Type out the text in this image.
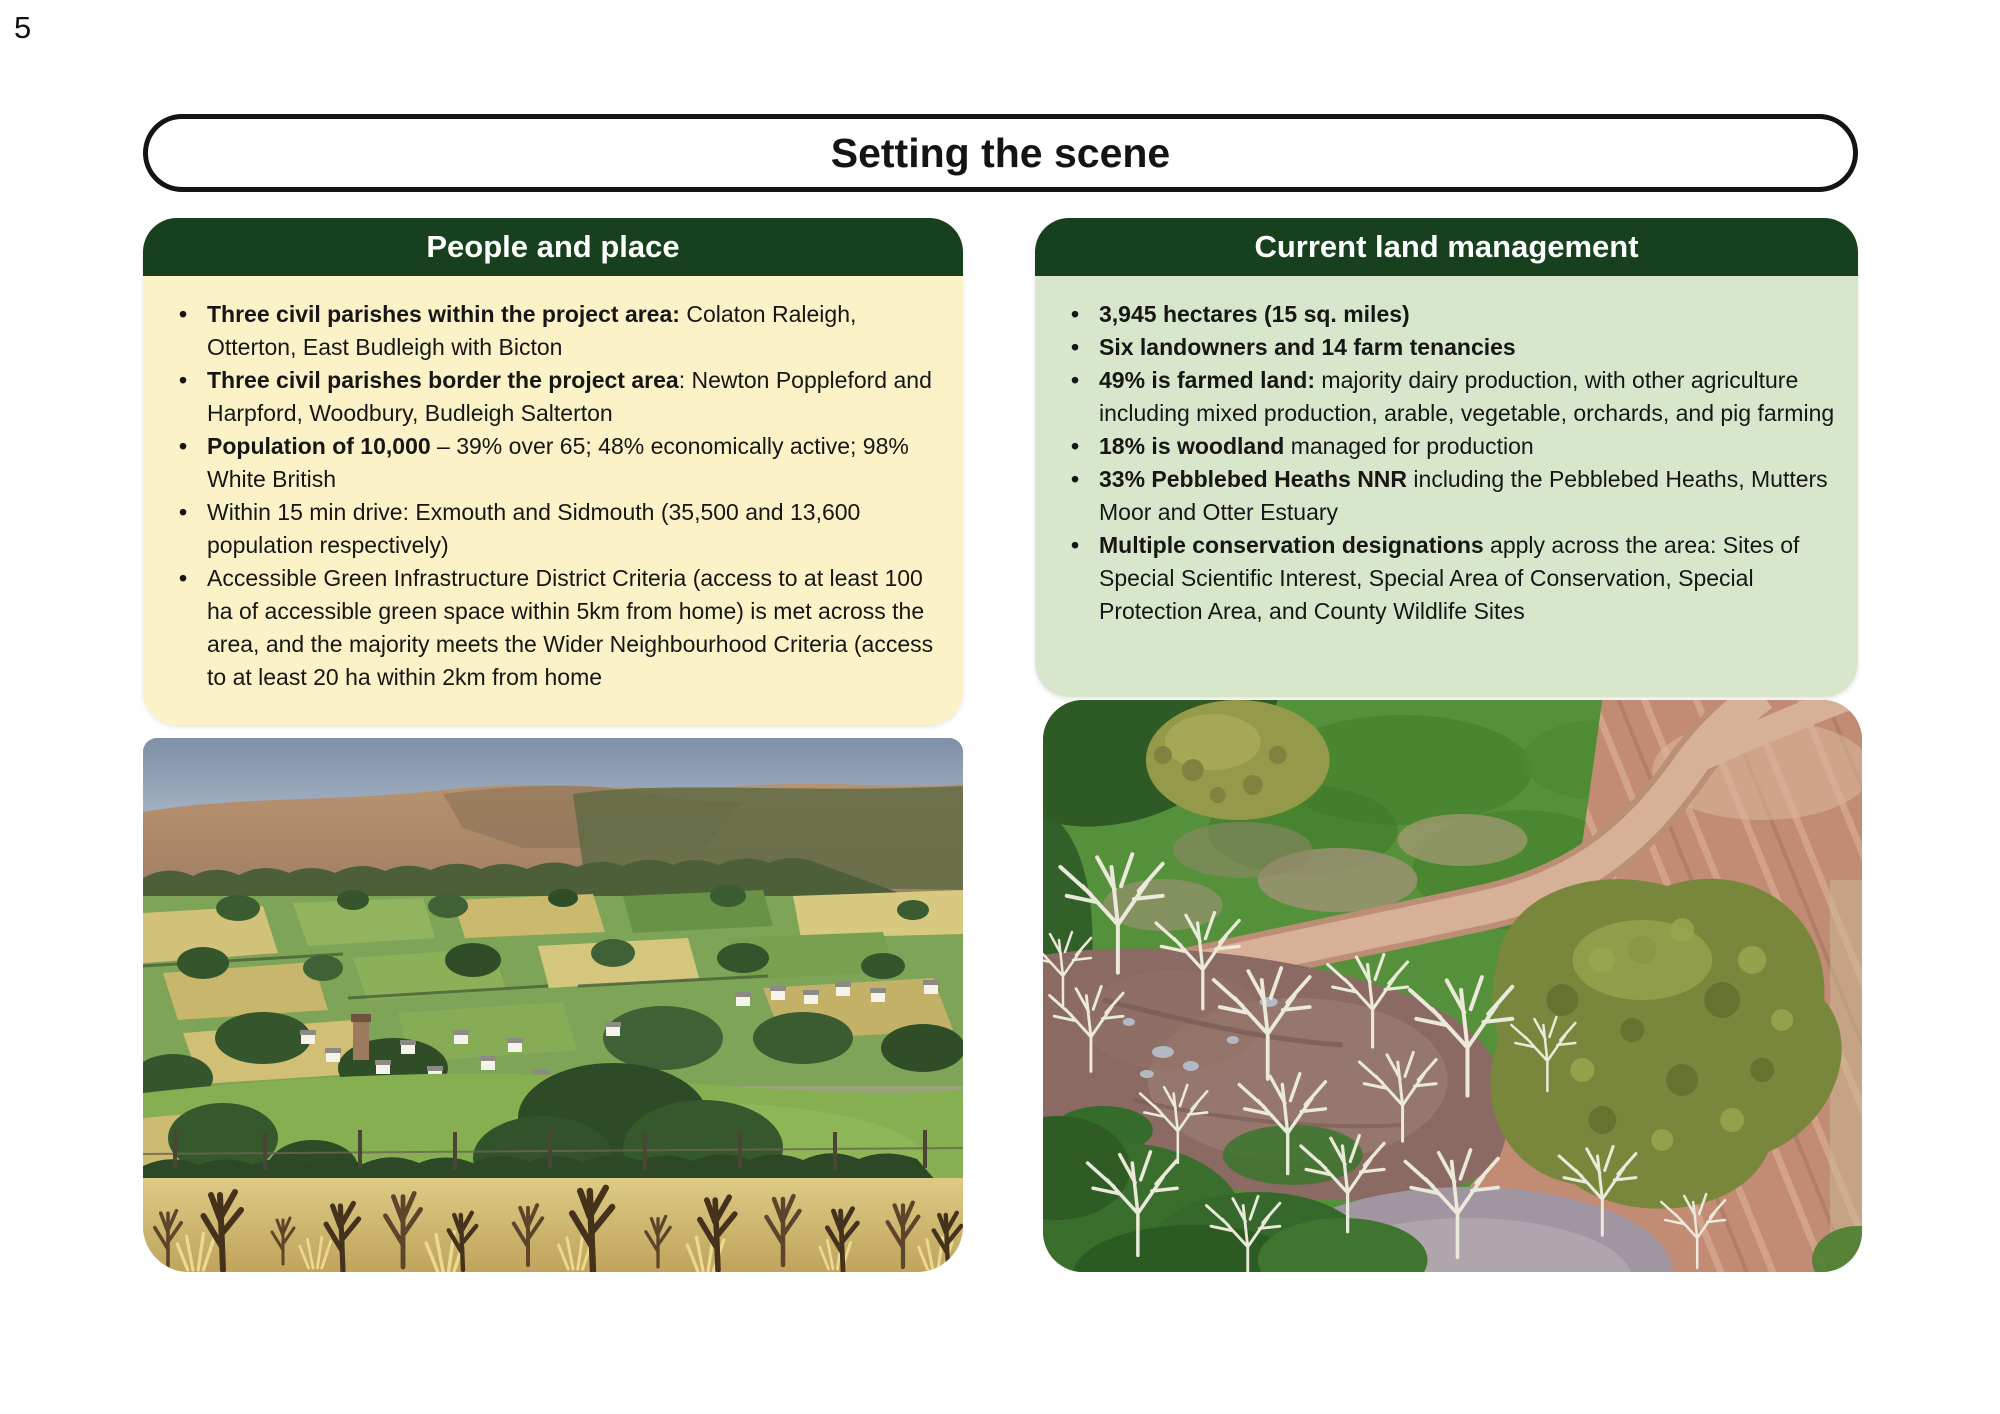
5
Setting the scene
People and place
• Three civil parishes within the project area: Colaton Raleigh, Otterton, East Budleigh with Bicton
• Three civil parishes border the project area: Newton Poppleford and Harpford, Woodbury, Budleigh Salterton
• Population of 10,000 – 39% over 65; 48% economically active; 98% White British
• Within 15 min drive: Exmouth and Sidmouth (35,500 and 13,600 population respectively)
• Accessible Green Infrastructure District Criteria (access to at least 100 ha of accessible green space within 5km from home) is met across the area, and the majority meets the Wider Neighbourhood Criteria (access to at least 20 ha within 2km from home
Current land management
• 3,945 hectares (15 sq. miles)
• Six landowners and 14 farm tenancies
• 49% is farmed land: majority dairy production, with other agriculture including mixed production, arable, vegetable, orchards, and pig farming
• 18% is woodland managed for production
• 33% Pebblebed Heaths NNR including the Pebblebed Heaths, Mutters Moor and Otter Estuary
• Multiple conservation designations apply across the area: Sites of Special Scientific Interest, Special Area of Conservation, Special Protection Area, and County Wildlife Sites
